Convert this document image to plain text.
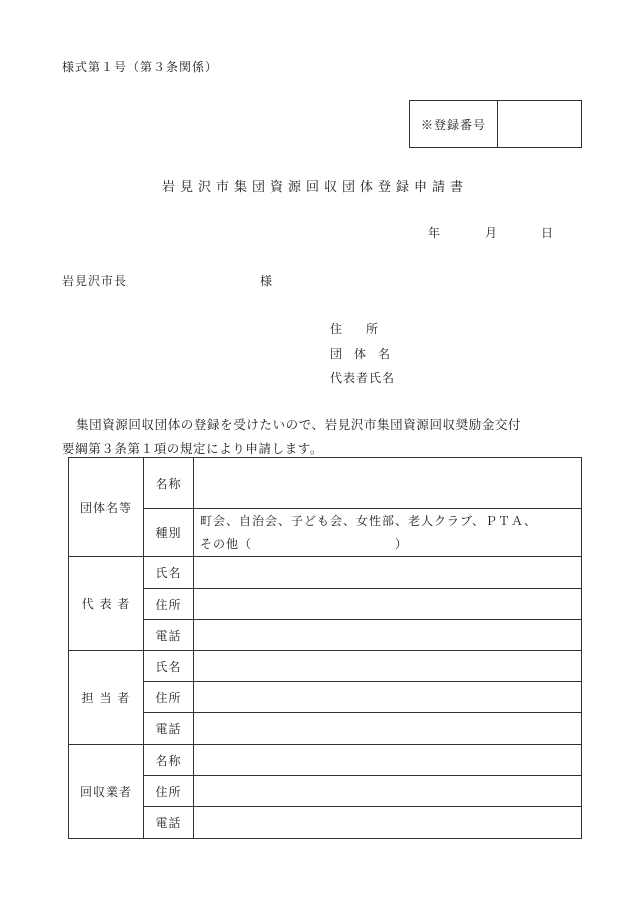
様式第１号（第３条関係）
※登録番号
岩見沢市集団資源回収団体登録申請書
年	月	日
岩見沢市長	様
住　　所
団　体　名
代表者氏名
集団資源回収団体の登録を受けたいので、岩見沢市集団資源回収奨励金交付
要綱第３条第１項の規定により申請します。
団体名等	名称	
	種別	町会、自治会、子ども会、女性部、老人クラブ、ＰＴＡ、
その他（　　　　　　　　　　　）

代 表 者	氏名	
	住所	
	電話	
担 当 者	氏名	
	住所	
	電話	
回収業者	名称	
	住所	
	電話	
